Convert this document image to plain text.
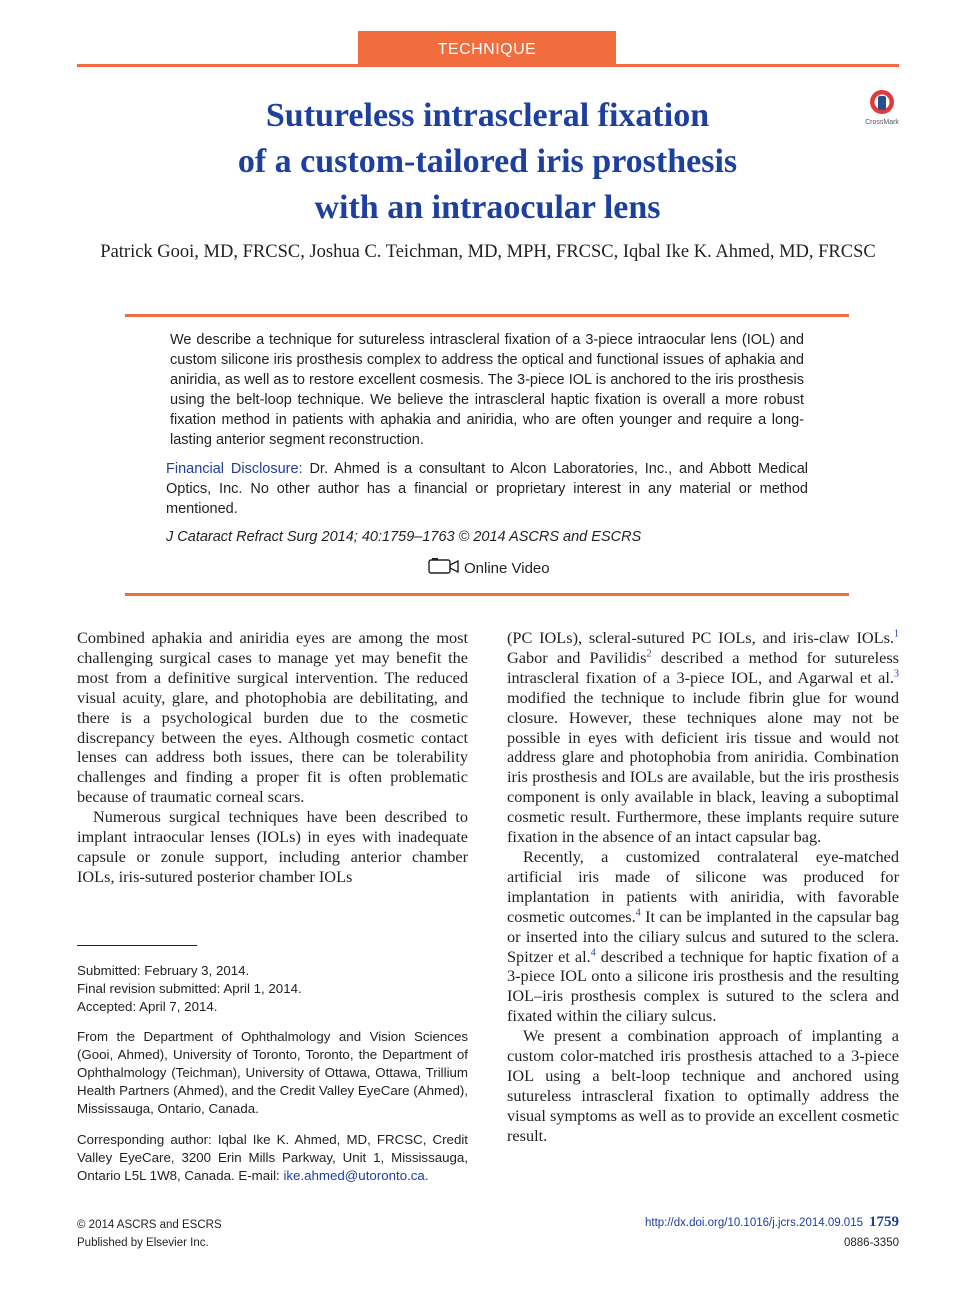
TECHNIQUE
Sutureless intrascleral fixation
of a custom-tailored iris prosthesis
with an intraocular lens
CrossMark
Patrick Gooi, MD, FRCSC, Joshua C. Teichman, MD, MPH, FRCSC, Iqbal Ike K. Ahmed, MD, FRCSC
We describe a technique for sutureless intrascleral fixation of a 3-piece intraocular lens (IOL) and custom silicone iris prosthesis complex to address the optical and functional issues of aphakia and aniridia, as well as to restore excellent cosmesis. The 3-piece IOL is anchored to the iris prosthesis using the belt-loop technique. We believe the intrascleral haptic fixation is overall a more robust fixation method in patients with aphakia and aniridia, who are often younger and require a long-lasting anterior segment reconstruction.
Financial Disclosure: Dr. Ahmed is a consultant to Alcon Laboratories, Inc., and Abbott Medical Optics, Inc. No other author has a financial or proprietary interest in any material or method mentioned.
J Cataract Refract Surg 2014; 40:1759–1763 © 2014 ASCRS and ESCRS
Online Video

Combined aphakia and aniridia eyes are among the most challenging surgical cases to manage yet may benefit the most from a definitive surgical intervention. The reduced visual acuity, glare, and photophobia are debilitating, and there is a psychological burden due to the cosmetic discrepancy between the eyes. Although cosmetic contact lenses can address both issues, there can be tolerability challenges and finding a proper fit is often problematic because of traumatic corneal scars.

Numerous surgical techniques have been described to implant intraocular lenses (IOLs) in eyes with inadequate capsule or zonule support, including anterior chamber IOLs, iris-sutured posterior chamber IOLs

(PC IOLs), scleral-sutured PC IOLs, and iris-claw IOLs.$^1$ Gabor and Pavilidis$^2$ described a method for sutureless intrascleral fixation of a 3-piece IOL, and Agarwal et al.$^3$ modified the technique to include fibrin glue for wound closure. However, these techniques alone may not be possible in eyes with deficient iris tissue and would not address glare and photophobia from aniridia. Combination iris prosthesis and IOLs are available, but the iris prosthesis component is only available in black, leaving a suboptimal cosmetic result. Furthermore, these implants require suture fixation in the absence of an intact capsular bag.

Recently, a customized contralateral eye-matched artificial iris made of silicone was produced for implantation in patients with aniridia, with favorable cosmetic outcomes.$^4$ It can be implanted in the capsular bag or inserted into the ciliary sulcus and sutured to the sclera. Spitzer et al.$^4$ described a technique for haptic fixation of a 3-piece IOL onto a silicone iris prosthesis and the resulting IOL–iris prosthesis complex is sutured to the sclera and fixated within the ciliary sulcus.

We present a combination approach of implanting a custom color-matched iris prosthesis attached to a 3-piece IOL using a belt-loop technique and anchored using sutureless intrascleral fixation to optimally address the visual symptoms as well as to provide an excellent cosmetic result.

Submitted: February 3, 2014.

Final revision submitted: April 1, 2014.

Accepted: April 7, 2014.

From the Department of Ophthalmology and Vision Sciences (Gooi, Ahmed), University of Toronto, Toronto, the Department of Ophthalmology (Teichman), University of Ottawa, Ottawa, Trillium Health Partners (Ahmed), and the Credit Valley EyeCare (Ahmed), Mississauga, Ontario, Canada.
Corresponding author: Iqbal Ike K. Ahmed, MD, FRCSC, Credit Valley EyeCare, 3200 Erin Mills Parkway, Unit 1, Mississauga, Ontario L5L 1W8, Canada. E-mail: ike.ahmed@utoronto.ca.
© 2014 ASCRS and ESCRS
Published by Elsevier Inc.
http://dx.doi.org/10.1016/j.jcrs.2014.09.015 1759
0886-3350
